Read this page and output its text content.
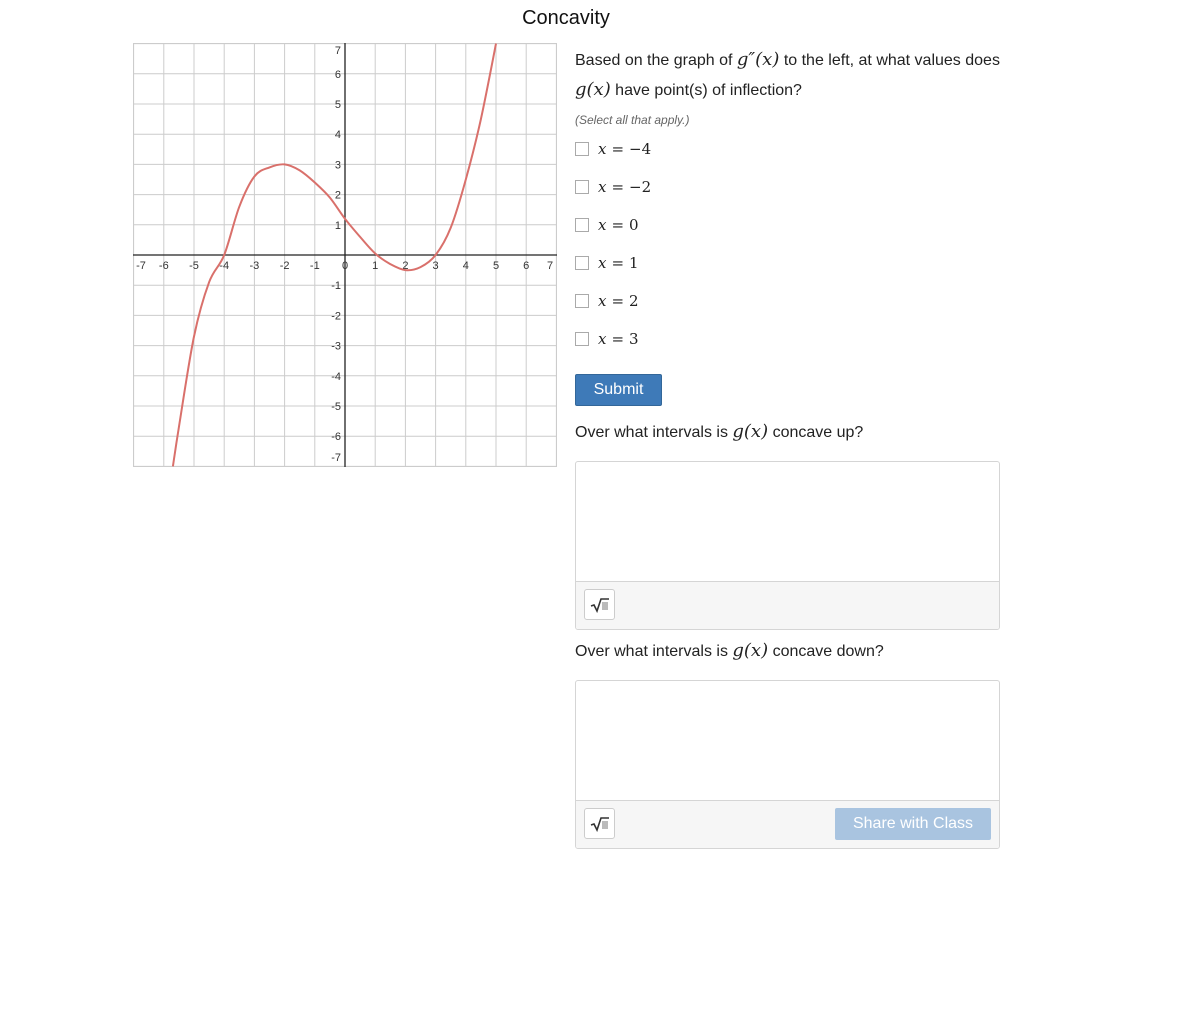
Concavity
-7 -6 -5 -4 -3 -2 -1 0 1 2 3 4 5 6 7
-7
-6
-5
-4
-3
-2
-1
1
2
3
4
5
6
7
Based on the graph of g″(x) to the left, at what values does g(x) have point(s) of inflection?
(Select all that apply.)
x = −4
x = −2
x = 0
x = 1
x = 2
x = 3
Submit
Over what intervals is g(x) concave up?
Over what intervals is g(x) concave down?
Share with Class
